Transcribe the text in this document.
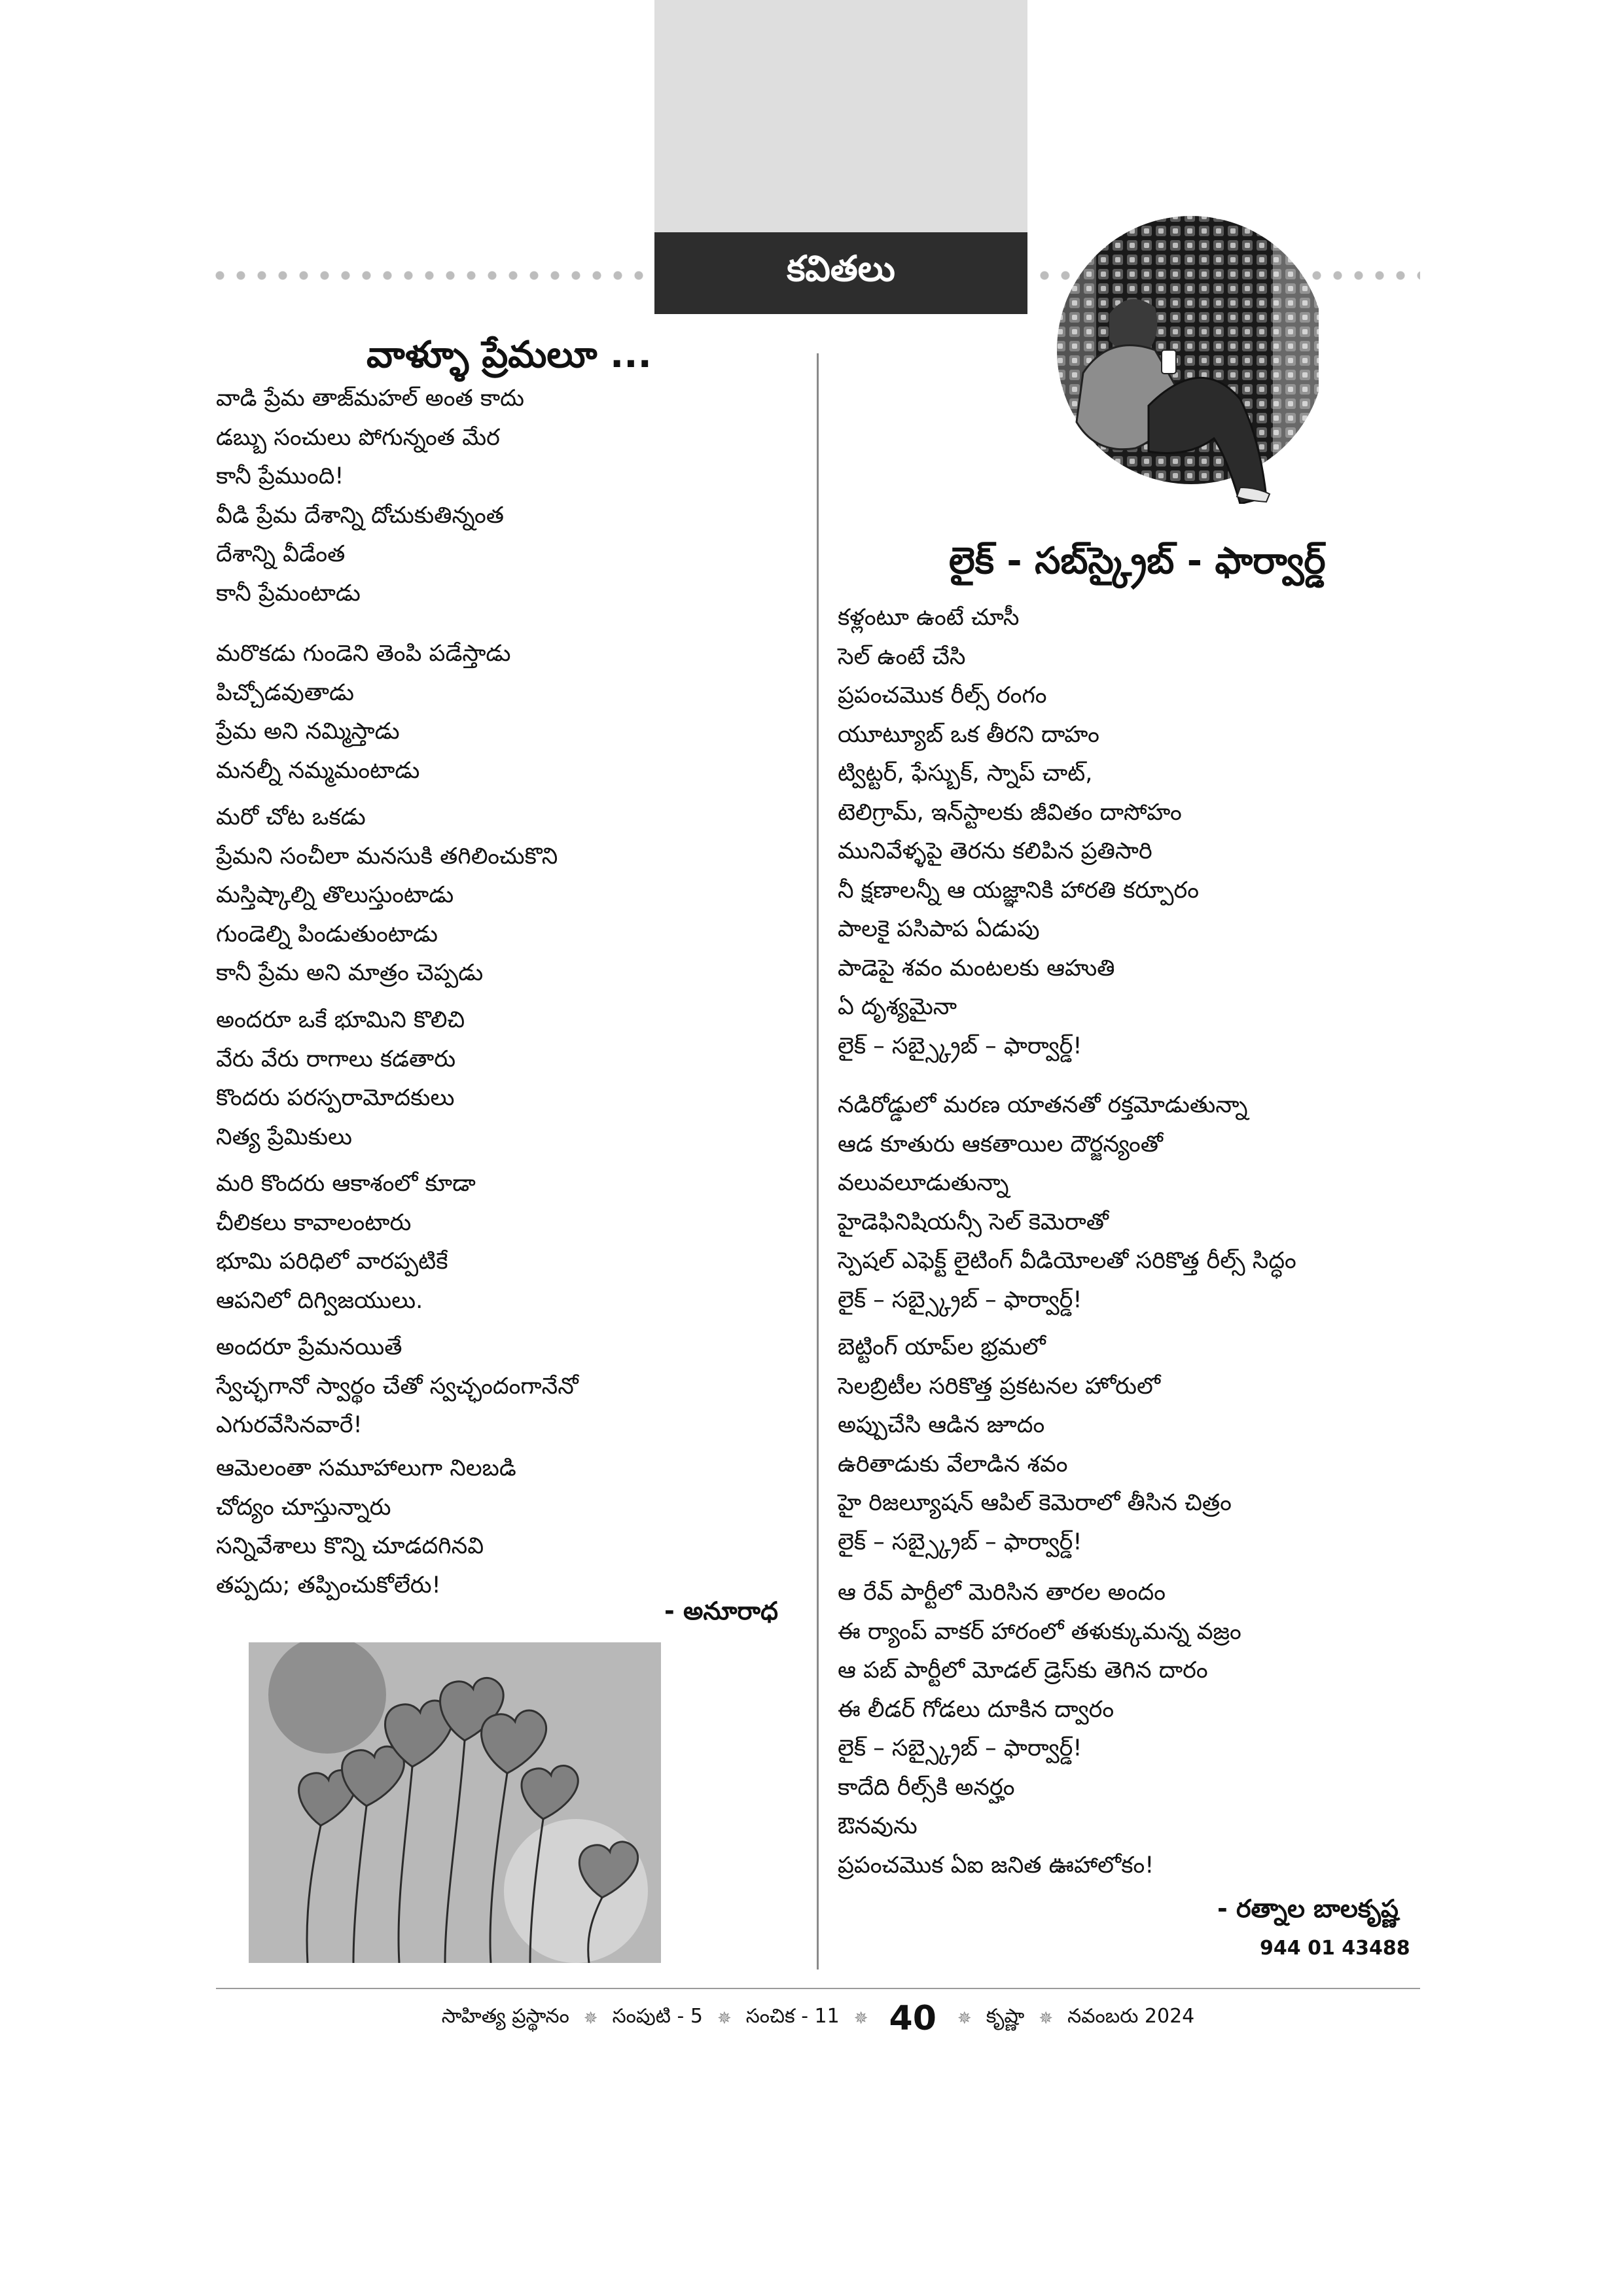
కవితలు
వాళ్ళూ ప్రేమలూ ...
వాడి ప్రేమ తాజ్‌మహల్ అంత కాదు
డబ్బు సంచులు పోగున్నంత మేర
కానీ ప్రేముంది!
వీడి ప్రేమ దేశాన్ని దోచుకుతిన్నంత
దేశాన్ని వీడేంత
కానీ ప్రేమంటాడు
మరొకడు గుండెని తెంపి పడేస్తాడు
పిచ్చోడవుతాడు
ప్రేమ అని నమ్మిస్తాడు
మనల్నీ నమ్మమంటాడు
మరో చోట ఒకడు
ప్రేమని సంచీలా మనసుకి తగిలించుకొని
మస్తిష్కాల్ని తొలుస్తుంటాడు
గుండెల్ని పిండుతుంటాడు
కానీ ప్రేమ అని మాత్రం చెప్పడు
అందరూ ఒకే భూమిని కొలిచి
వేరు వేరు రాగాలు కడతారు
కొందరు పరస్పరామోదకులు
నిత్య ప్రేమికులు
మరి కొందరు ఆకాశంలో కూడా
చీలికలు కావాలంటారు
భూమి పరిధిలో వారప్పటికే
ఆపనిలో దిగ్విజయులు.
అందరూ ప్రేమనయితే
స్వేచ్ఛగానో స్వార్థం చేతో స్వచ్ఛందంగానేనో
ఎగురవేసినవారే!
ఆమెలంతా సమూహాలుగా నిలబడి
చోద్యం చూస్తున్నారు
సన్నివేశాలు కొన్ని చూడదగినవి
తప్పదు; తప్పించుకోలేరు!
- అనూరాధ
లైక్ - సబ్‌స్క్రైబ్ - ఫార్వార్డ్
కళ్లంటూ ఉంటే చూసీ
సెల్ ఉంటే చేసి
ప్రపంచమొక రీల్స్ రంగం
యూట్యూబ్ ఒక తీరని దాహం
ట్విట్టర్, ఫేస్బుక్, స్నాప్ చాట్,
టెలిగ్రామ్, ఇన్‌స్టాలకు జీవితం దాసోహం
మునివేళ్ళపై తెరను కలిపిన ప్రతిసారి
నీ క్షణాలన్నీ ఆ యజ్ఞానికి హారతి కర్పూరం
పాలకై పసిపాప ఏడుపు
పాడెపై శవం మంటలకు ఆహుతి
ఏ దృశ్యమైనా
లైక్ – సబ్స్క్రైబ్ – ఫార్వార్డ్!
నడిరోడ్డులో మరణ యాతనతో రక్తమోడుతున్నా
ఆడ కూతురు ఆకతాయిల దౌర్జన్యంతో
వలువలూడుతున్నా
హైడెఫినిషియన్సీ సెల్ కెమెరాతో
స్పెషల్ ఎఫెక్ట్ లైటింగ్ వీడియోలతో సరికొత్త రీల్స్ సిద్ధం
లైక్ – సబ్స్క్రైబ్ – ఫార్వార్డ్!
బెట్టింగ్ యాప్‌ల భ్రమలో
సెలబ్రిటీల సరికొత్త ప్రకటనల హోరులో
అప్పుచేసి ఆడిన జూదం
ఉరితాడుకు వేలాడిన శవం
హై రిజల్యూషన్ ఆపిల్ కెమెరాలో తీసిన చిత్రం
లైక్ – సబ్స్క్రైబ్ – ఫార్వార్డ్!
ఆ రేవ్ పార్టీలో మెరిసిన తారల అందం
ఈ ర్యాంప్ వాకర్ హారంలో తళుక్కుమన్న వజ్రం
ఆ పబ్ పార్టీలో మోడల్ డ్రెస్‌కు తెగిన దారం
ఈ లీడర్ గోడలు దూకిన ద్వారం
లైక్ – సబ్స్క్రైబ్ – ఫార్వార్డ్!
కాదేది రీల్స్‌కి అనర్హం
ఔనవును
ప్రపంచమొక ఏఐ జనిత ఊహాలోకం!
- రత్నాల బాలకృష్ణ
944 01 43488
సాహిత్య ప్రస్థానం ✵ సంపుటి - 5 ✵ సంచిక - 11 ✵ 40 ✵ కృష్ణా ✵ నవంబరు 2024
